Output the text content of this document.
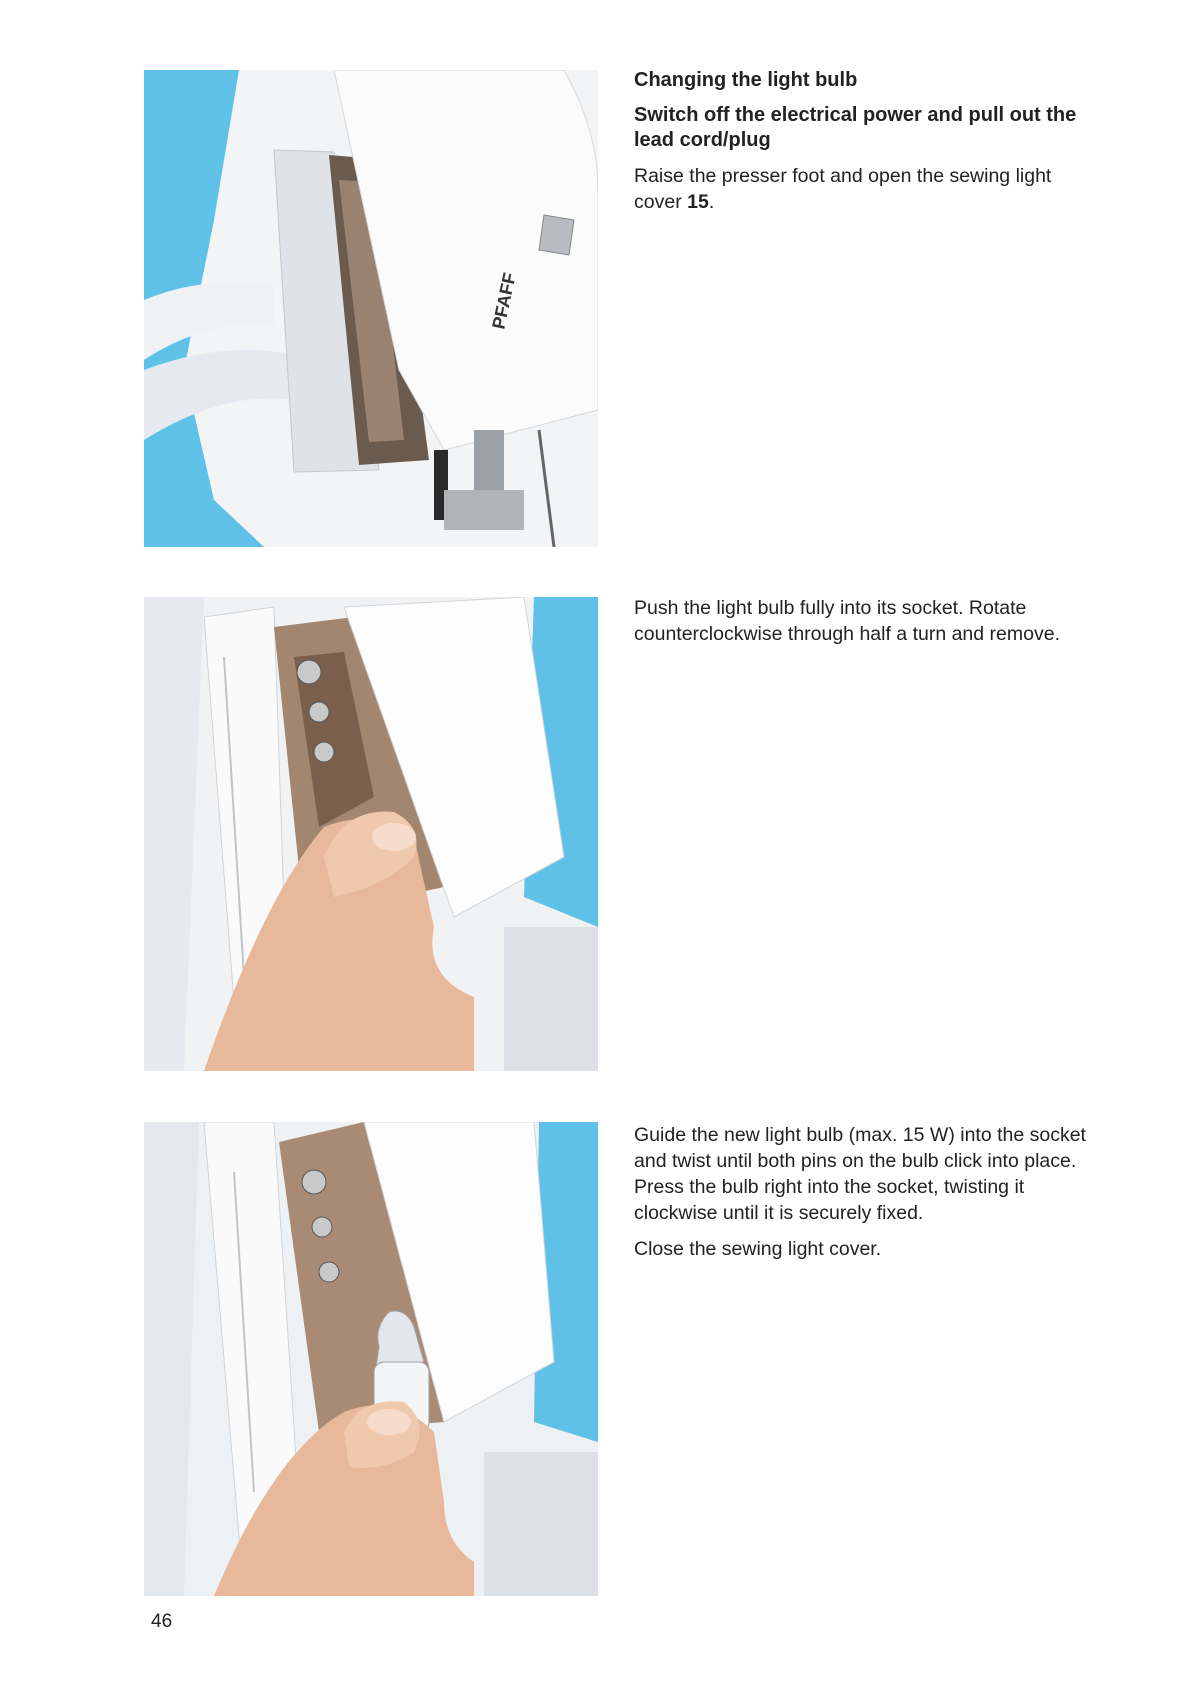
PFAFF

Changing the light bulb

Switch off the electrical power and pull out the lead cord/plug

Raise the presser foot and open the sewing light cover 15.

Push the light bulb fully into its socket. Rotate counterclockwise through half a turn and remove.

Guide the new light bulb (max. 15 W) into the socket and twist until both pins on the bulb click into place. Press the bulb right into the socket, twisting it clockwise until it is securely fixed.

Close the sewing light cover.

46
